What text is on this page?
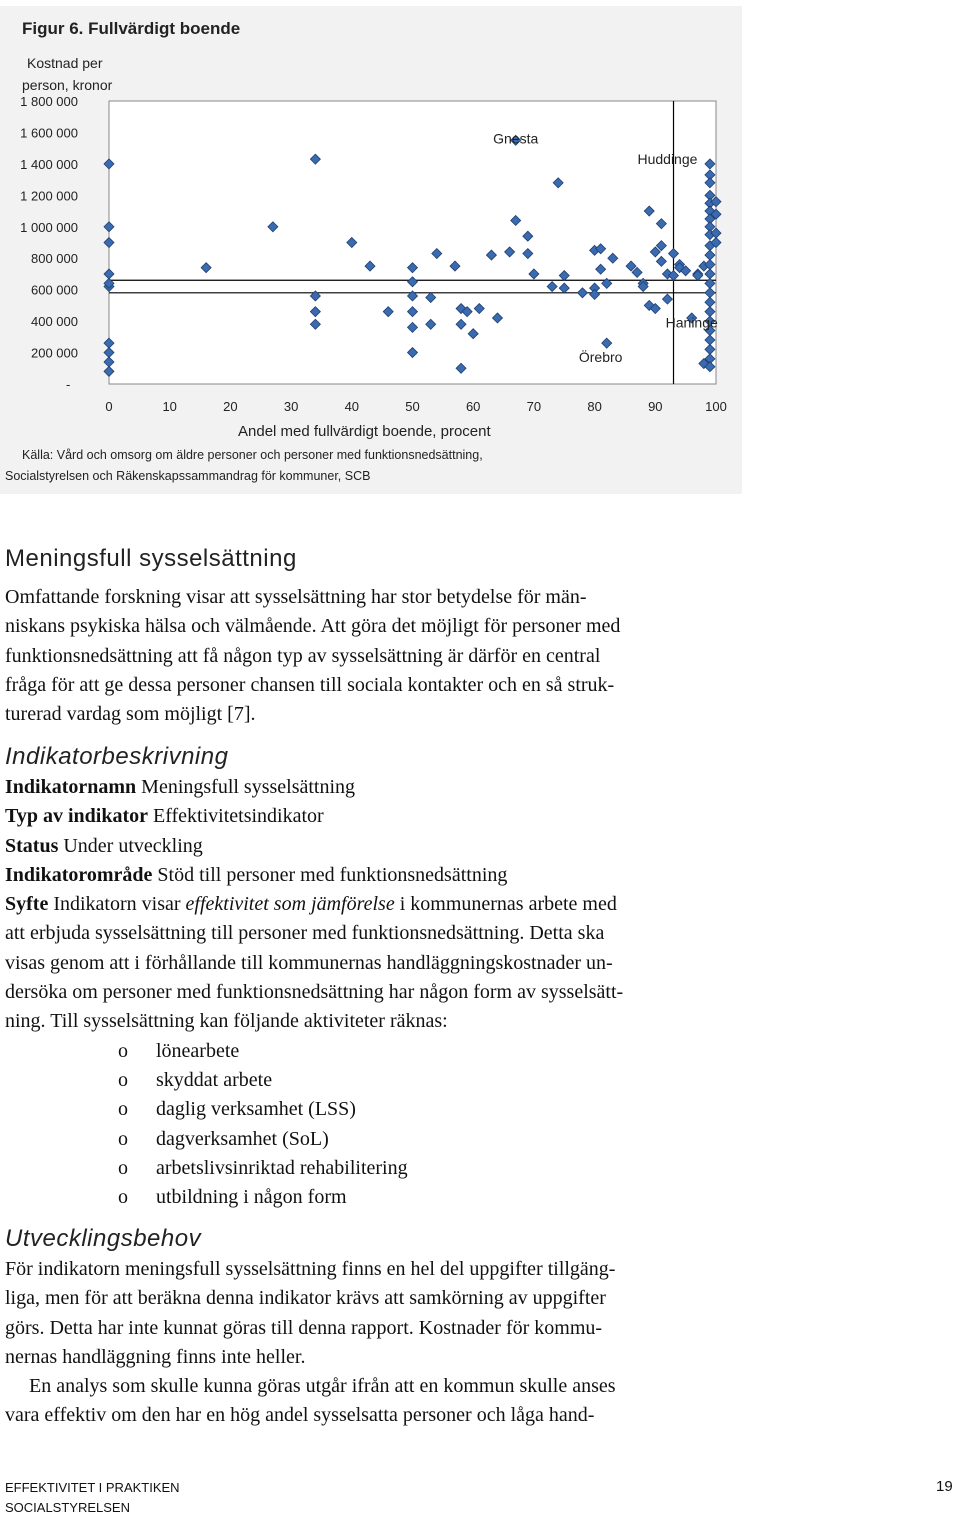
Figur 6. Fullvärdigt boende
Kostnad per
person, kronor
-
200 000
400 000
600 000
800 000
1 000 000
1 200 000
1 400 000
1 600 000
1 800 000
0	10	20	30	40	50	60	70	80	90	100
Gnesta
Huddinge
Haninge
Örebro
Andel med fullvärdigt boende, procent
Källa: Vård och omsorg om äldre personer och personer med funktionsnedsättning,
Socialstyrelsen och Räkenskapssammandrag för kommuner, SCB
Meningsfull sysselsättning

Omfattande forskning visar att sysselsättning har stor betydelse för män-

niskans psykiska hälsa och välmående. Att göra det möjligt för personer med

funktionsnedsättning att få någon typ av sysselsättning är därför en central

fråga för att ge dessa personer chansen till sociala kontakter och en så struk-

turerad vardag som möjligt [7].

Indikatorbeskrivning

Indikatornamn Meningsfull sysselsättning

Typ av indikator Effektivitetsindikator

Status Under utveckling

Indikatorområde Stöd till personer med funktionsnedsättning

Syfte Indikatorn visar effektivitet som jämförelse i kommunernas arbete med

att erbjuda sysselsättning till personer med funktionsnedsättning. Detta ska

visas genom att i förhållande till kommunernas handläggningskostnader un-

dersöka om personer med funktionsnedsättning har någon form av sysselsätt-

ning. Till sysselsättning kan följande aktiviteter räknas:

o lönearbete
o skyddat arbete
o daglig verksamhet (LSS)
o dagverksamhet (SoL)
o arbetslivsinriktad rehabilitering
o utbildning i någon form
Utvecklingsbehov

För indikatorn meningsfull sysselsättning finns en hel del uppgifter tillgäng-

liga, men för att beräkna denna indikator krävs att samkörning av uppgifter

görs. Detta har inte kunnat göras till denna rapport. Kostnader för kommu-

nernas handläggning finns inte heller.

En analys som skulle kunna göras utgår ifrån att en kommun skulle anses

vara effektiv om den har en hög andel sysselsatta personer och låga hand-

EFFEKTIVITET I PRAKTIKEN
SOCIALSTYRELSEN
19
